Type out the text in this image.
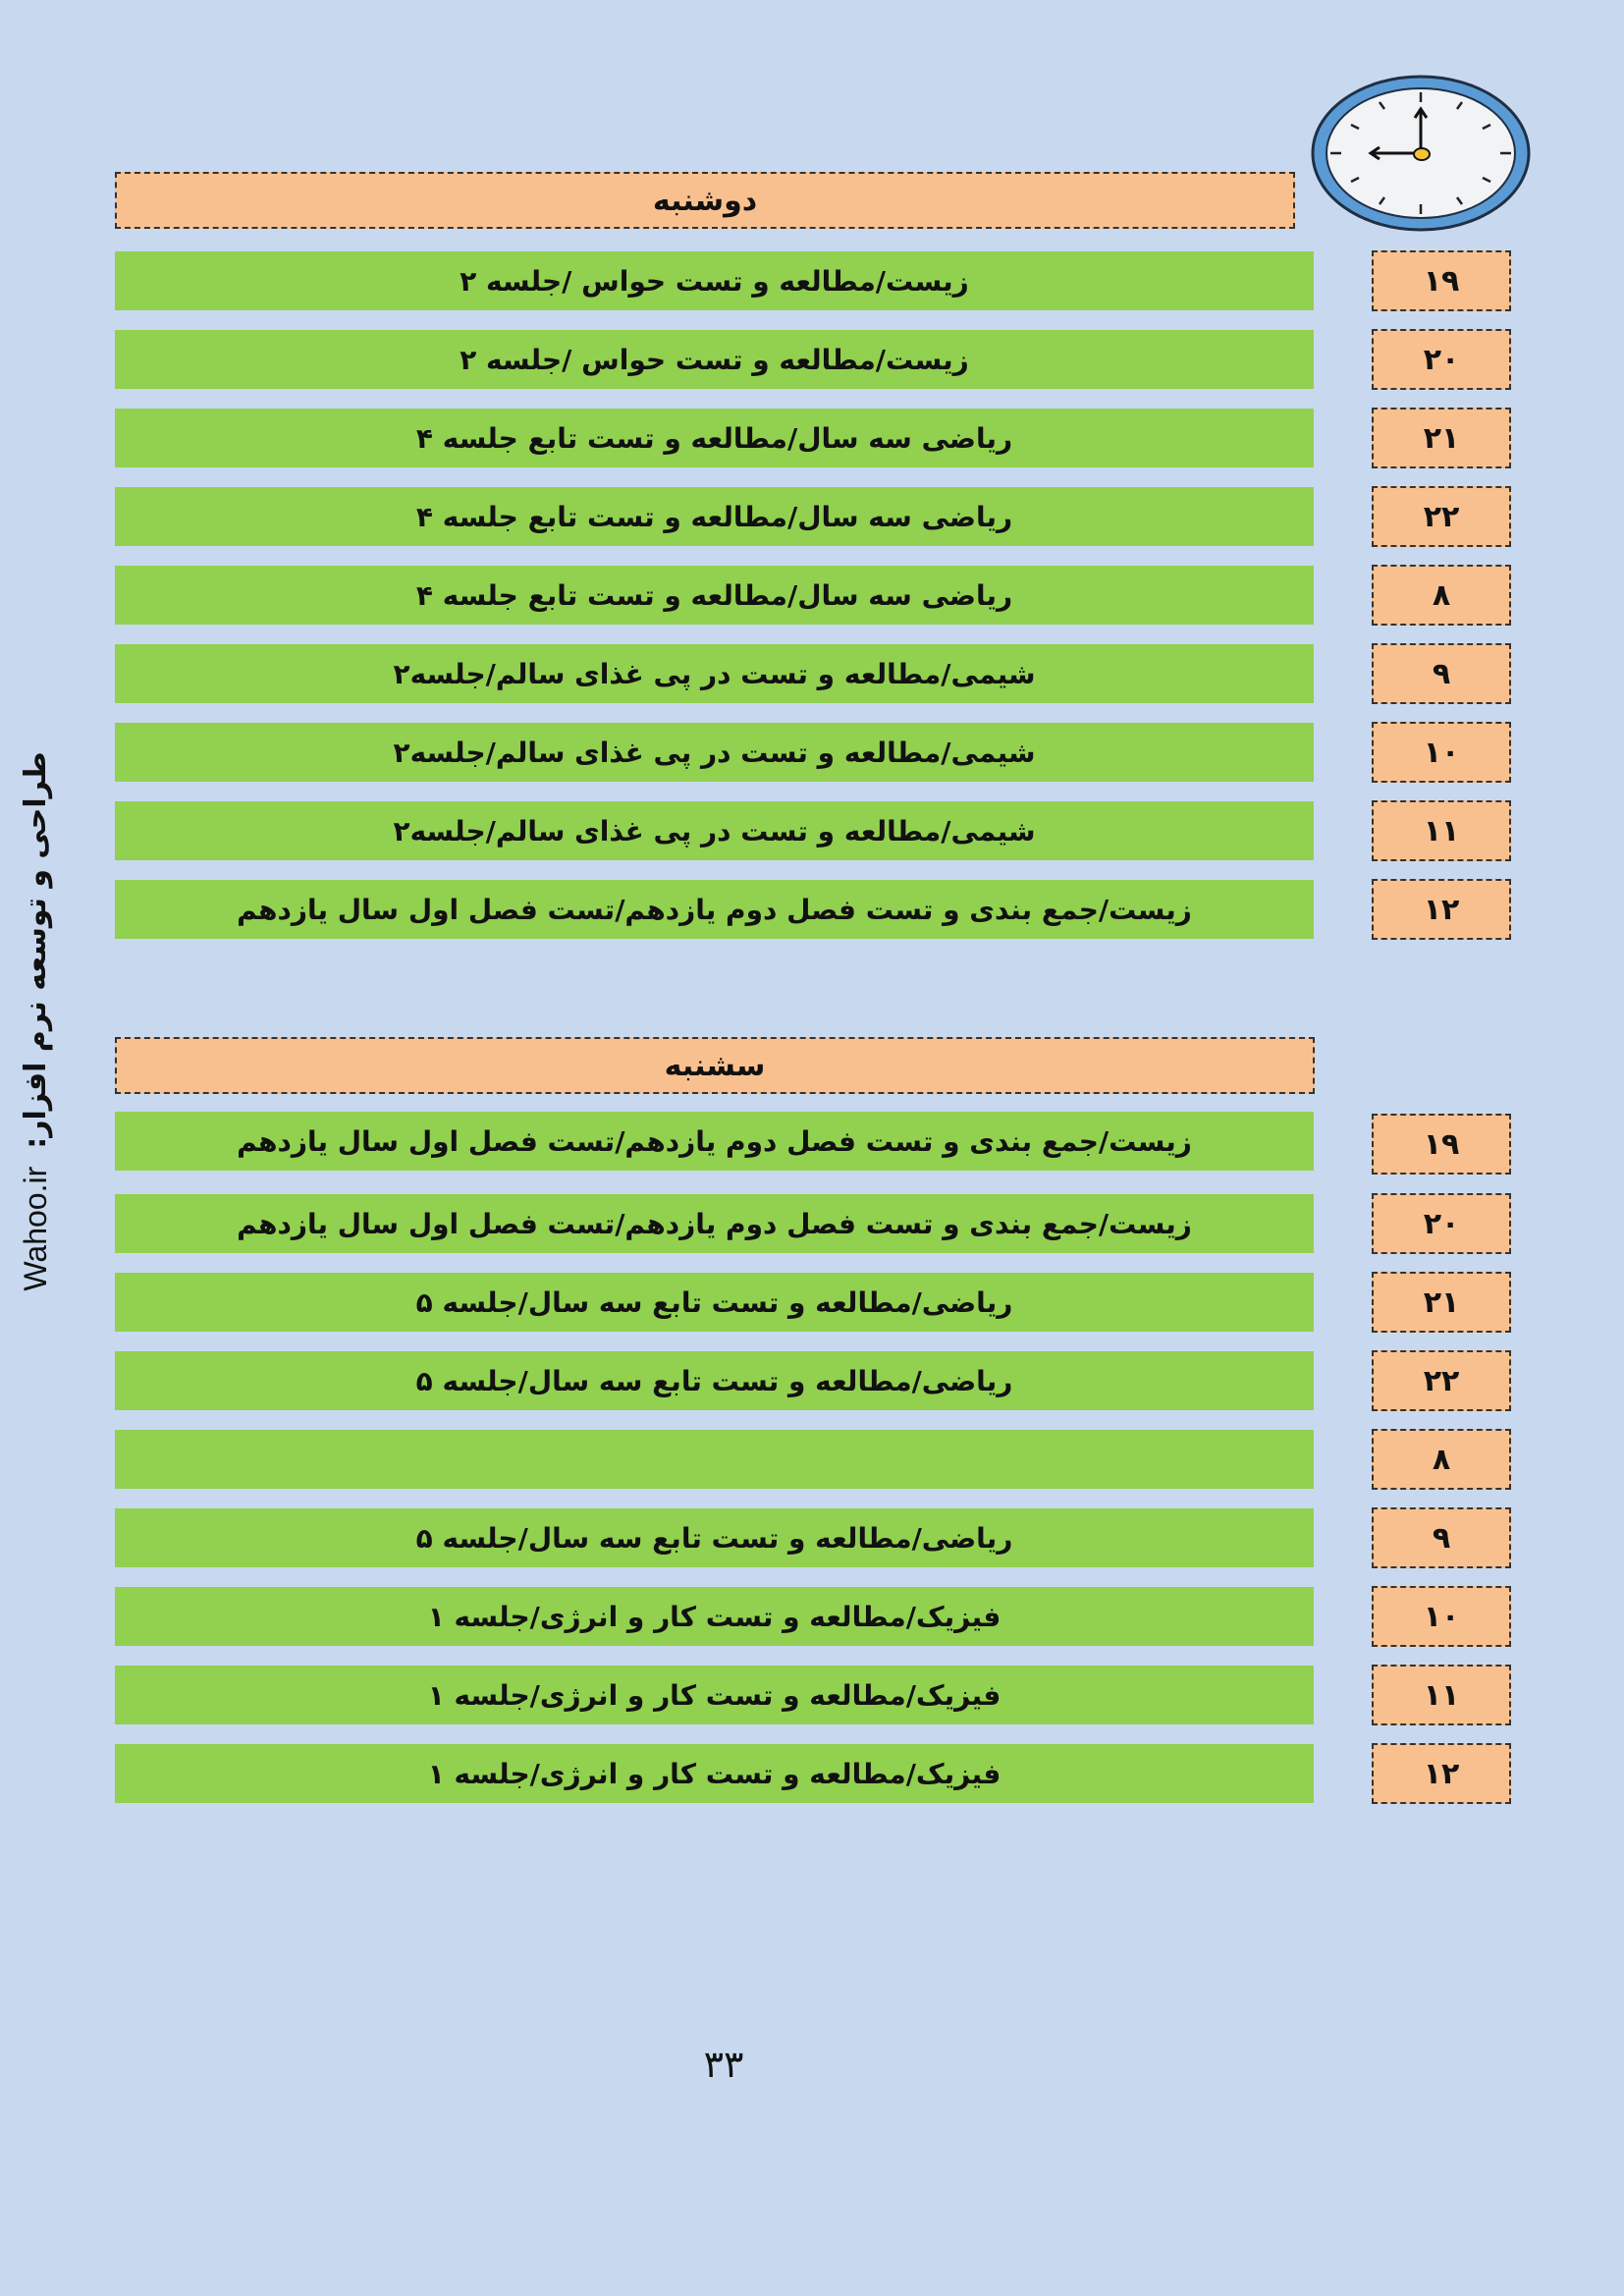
طراحی و توسعه نرم افزار:
Wahoo.ir
دوشنبه
زیست/مطالعه و تست حواس /جلسه ۲	۱۹
زیست/مطالعه و تست حواس /جلسه ۲	۲۰
ریاضی سه سال/مطالعه و تست تابع جلسه ۴	۲۱
ریاضی سه سال/مطالعه و تست تابع جلسه ۴	۲۲
ریاضی سه سال/مطالعه و تست تابع جلسه ۴	۸
شیمی/مطالعه و تست در پی غذای سالم/جلسه۲	۹
شیمی/مطالعه و تست در پی غذای سالم/جلسه۲	۱۰
شیمی/مطالعه و تست در پی غذای سالم/جلسه۲	۱۱
زیست/جمع بندی و تست فصل دوم یازدهم/تست فصل اول سال یازدهم	۱۲
سشنبه
زیست/جمع بندی و تست فصل دوم یازدهم/تست فصل اول سال یازدهم	۱۹
زیست/جمع بندی و تست فصل دوم یازدهم/تست فصل اول سال یازدهم	۲۰
ریاضی/مطالعه و تست تابع سه سال/جلسه ۵	۲۱
ریاضی/مطالعه و تست تابع سه سال/جلسه ۵	۲۲
۸
ریاضی/مطالعه و تست تابع سه سال/جلسه ۵	۹
فیزیک/مطالعه و تست کار و انرژی/جلسه ۱	۱۰
فیزیک/مطالعه و تست کار و انرژی/جلسه ۱	۱۱
فیزیک/مطالعه و تست کار و انرژی/جلسه ۱	۱۲
۳۳
